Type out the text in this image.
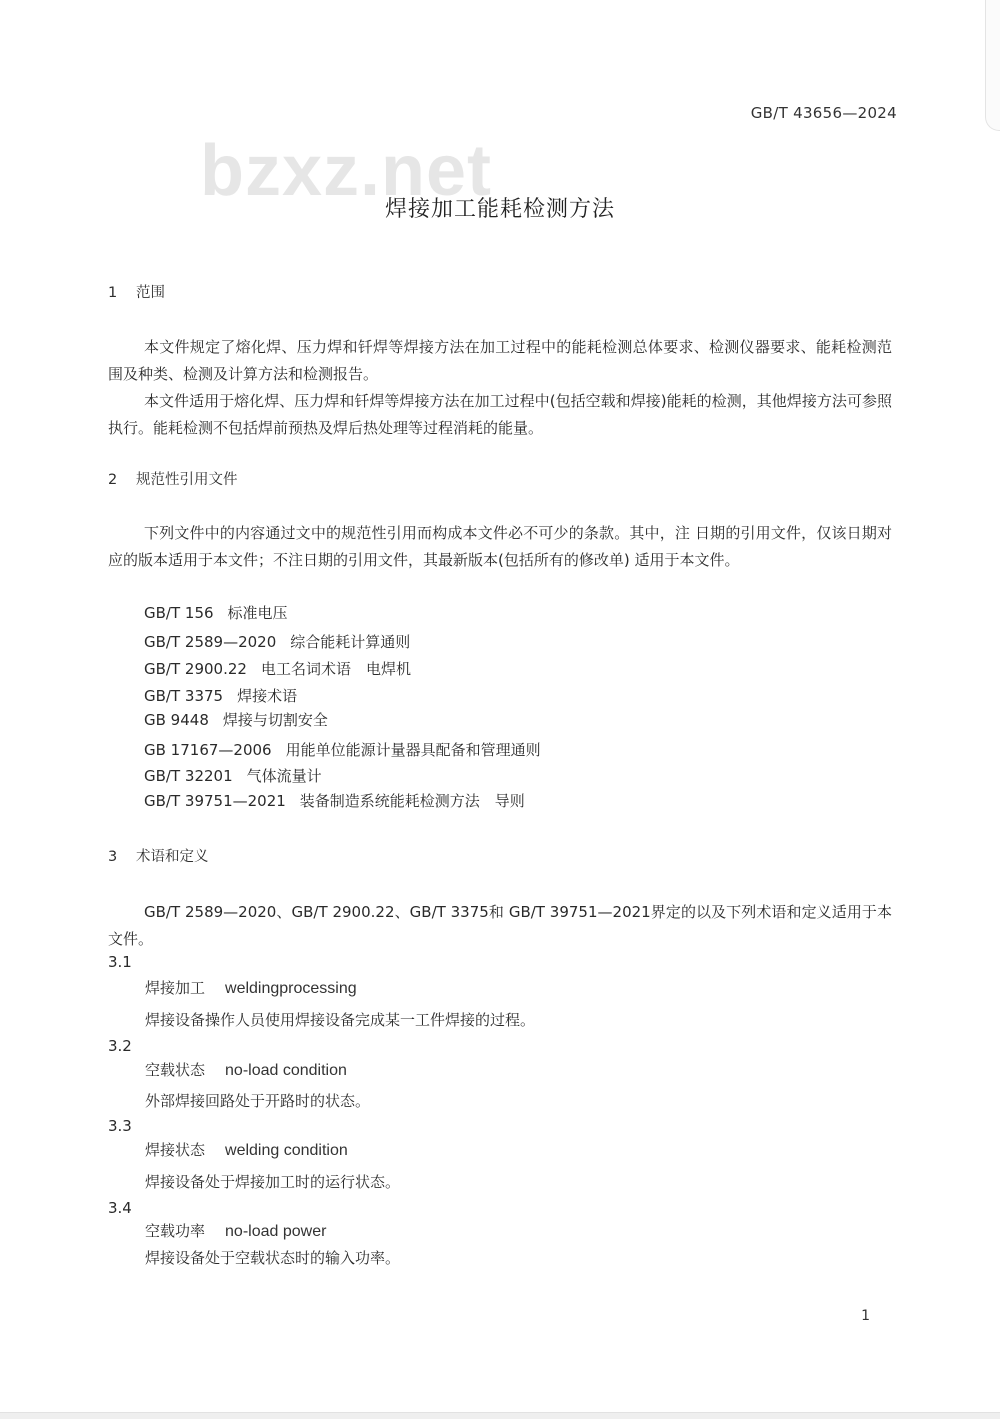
GB/T 43656—2024
bzxz.net
焊接加工能耗检测方法
1 范围
本文件规定了熔化焊、压力焊和钎焊等焊接方法在加工过程中的能耗检测总体要求、检测仪器要求、能耗检测范围及种类、检测及计算方法和检测报告。
本文件适用于熔化焊、压力焊和钎焊等焊接方法在加工过程中(包括空载和焊接)能耗的检测，其他焊接方法可参照执行。能耗检测不包括焊前预热及焊后热处理等过程消耗的能量。
2 规范性引用文件
下列文件中的内容通过文中的规范性引用而构成本文件必不可少的条款。其中，注 日期的引用文件，仅该日期对应的版本适用于本文件；不注日期的引用文件，其最新版本(包括所有的修改单) 适用于本文件。
GB/T 156 标准电压
GB/T 2589—2020 综合能耗计算通则
GB/T 2900.22 电工名词术语　电焊机
GB/T 3375 焊接术语
GB 9448 焊接与切割安全
GB 17167—2006 用能单位能源计量器具配备和管理通则
GB/T 32201 气体流量计
GB/T 39751—2021 装备制造系统能耗检测方法　导则
3 术语和定义
GB/T 2589—2020、GB/T 2900.22、GB/T 3375和 GB/T 39751—2021界定的以及下列术语和定义适用于本文件。
3.1
焊接加工 weldingprocessing
焊接设备操作人员使用焊接设备完成某一工件焊接的过程。
3.2
空载状态 no-load condition
外部焊接回路处于开路时的状态。
3.3
焊接状态 welding condition
焊接设备处于焊接加工时的运行状态。
3.4
空载功率 no-load power
焊接设备处于空载状态时的输入功率。
1
